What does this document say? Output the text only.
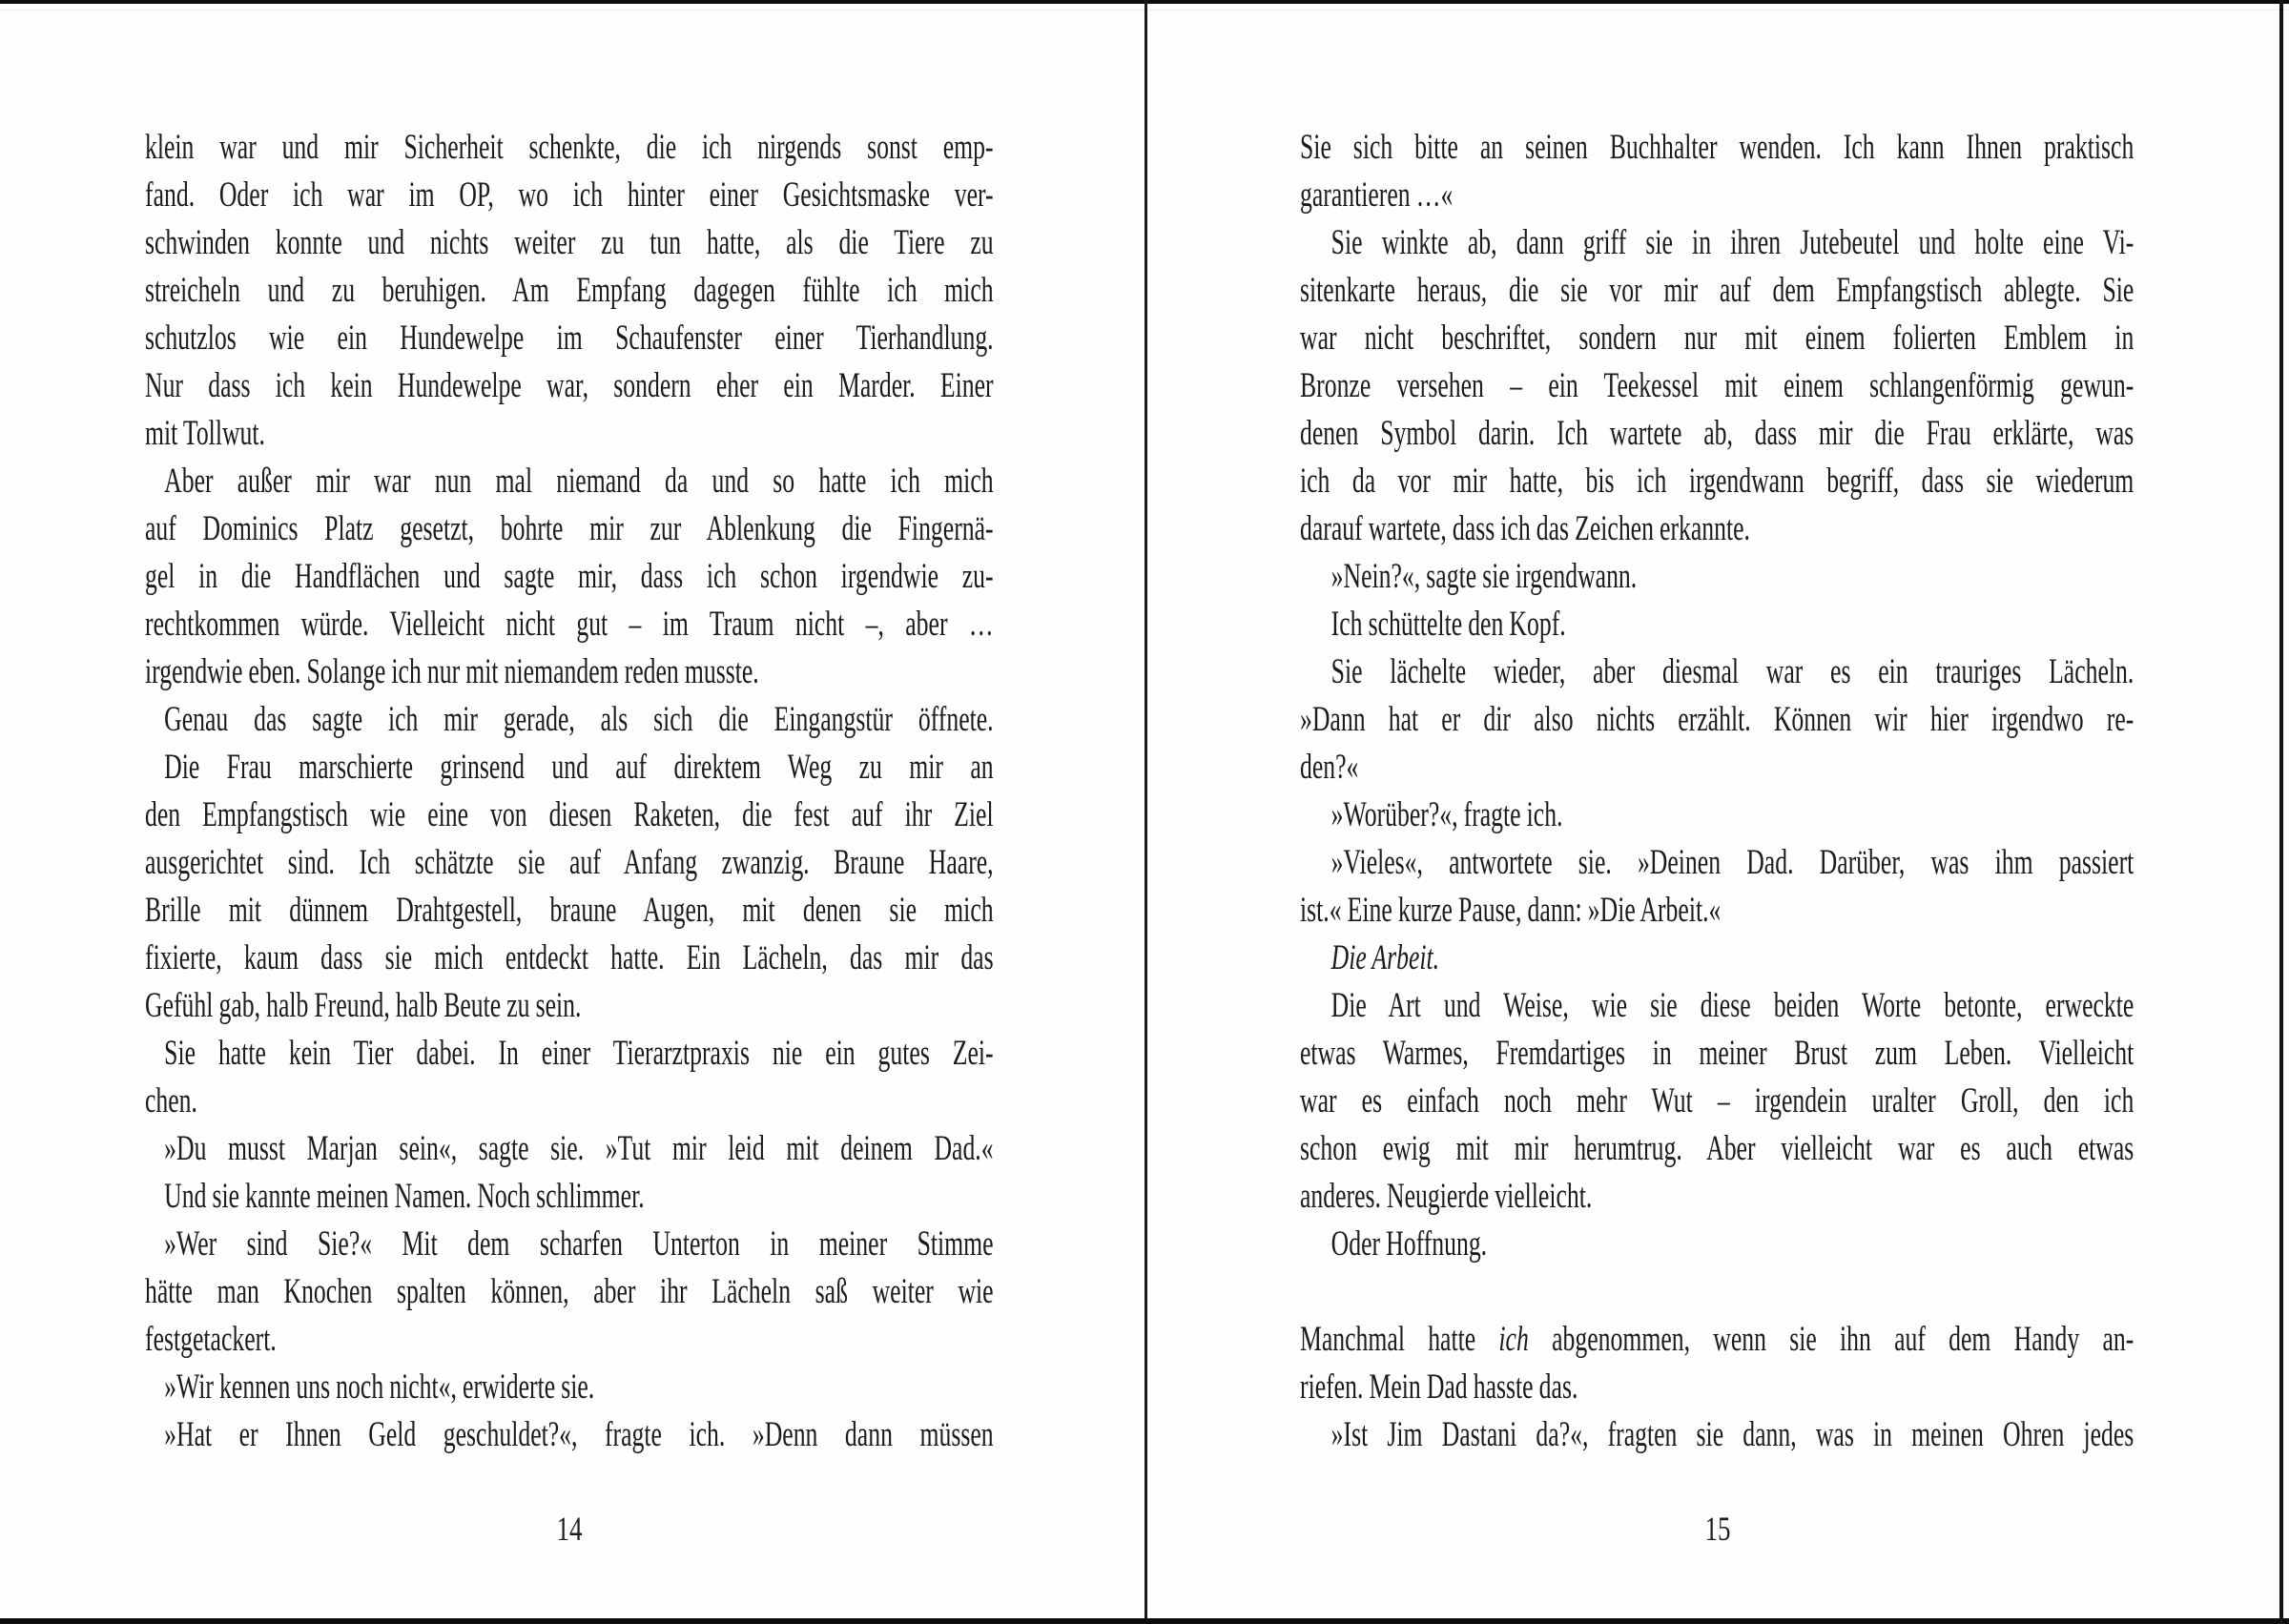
klein war und mir Sicherheit schenkte, die ich nirgends sonst emp-
fand. Oder ich war im OP, wo ich hinter einer Gesichtsmaske ver-
schwinden konnte und nichts weiter zu tun hatte, als die Tiere zu
streicheln und zu beruhigen. Am Empfang dagegen fühlte ich mich
schutzlos wie ein Hundewelpe im Schaufenster einer Tierhandlung.
Nur dass ich kein Hundewelpe war, sondern eher ein Marder. Einer
mit Tollwut.
Aber außer mir war nun mal niemand da und so hatte ich mich
auf Dominics Platz gesetzt, bohrte mir zur Ablenkung die Fingernä-
gel in die Handflächen und sagte mir, dass ich schon irgendwie zu-
rechtkommen würde. Vielleicht nicht gut – im Traum nicht –, aber …
irgendwie eben. Solange ich nur mit niemandem reden musste.
Genau das sagte ich mir gerade, als sich die Eingangstür öffnete.
Die Frau marschierte grinsend und auf direktem Weg zu mir an
den Empfangstisch wie eine von diesen Raketen, die fest auf ihr Ziel
ausgerichtet sind. Ich schätzte sie auf Anfang zwanzig. Braune Haare,
Brille mit dünnem Drahtgestell, braune Augen, mit denen sie mich
fixierte, kaum dass sie mich entdeckt hatte. Ein Lächeln, das mir das
Gefühl gab, halb Freund, halb Beute zu sein.
Sie hatte kein Tier dabei. In einer Tierarztpraxis nie ein gutes Zei-
chen.
»Du musst Marjan sein«, sagte sie. »Tut mir leid mit deinem Dad.«
Und sie kannte meinen Namen. Noch schlimmer.
»Wer sind Sie?« Mit dem scharfen Unterton in meiner Stimme
hätte man Knochen spalten können, aber ihr Lächeln saß weiter wie
festgetackert.
»Wir kennen uns noch nicht«, erwiderte sie.
»Hat er Ihnen Geld geschuldet?«, fragte ich. »Denn dann müssen
14
Sie sich bitte an seinen Buchhalter wenden. Ich kann Ihnen praktisch
garantieren …«
Sie winkte ab, dann griff sie in ihren Jutebeutel und holte eine Vi-
sitenkarte heraus, die sie vor mir auf dem Empfangstisch ablegte. Sie
war nicht beschriftet, sondern nur mit einem folierten Emblem in
Bronze versehen – ein Teekessel mit einem schlangenförmig gewun-
denen Symbol darin. Ich wartete ab, dass mir die Frau erklärte, was
ich da vor mir hatte, bis ich irgendwann begriff, dass sie wiederum
darauf wartete, dass ich das Zeichen erkannte.
»Nein?«, sagte sie irgendwann.
Ich schüttelte den Kopf.
Sie lächelte wieder, aber diesmal war es ein trauriges Lächeln.
»Dann hat er dir also nichts erzählt. Können wir hier irgendwo re-
den?«
»Worüber?«, fragte ich.
»Vieles«, antwortete sie. »Deinen Dad. Darüber, was ihm passiert
ist.« Eine kurze Pause, dann: »Die Arbeit.«
Die Arbeit.
Die Art und Weise, wie sie diese beiden Worte betonte, erweckte
etwas Warmes, Fremdartiges in meiner Brust zum Leben. Vielleicht
war es einfach noch mehr Wut – irgendein uralter Groll, den ich
schon ewig mit mir herumtrug. Aber vielleicht war es auch etwas
anderes. Neugierde vielleicht.
Oder Hoffnung.

Manchmal hatte ich abgenommen, wenn sie ihn auf dem Handy an-
riefen. Mein Dad hasste das.
»Ist Jim Dastani da?«, fragten sie dann, was in meinen Ohren jedes
15
